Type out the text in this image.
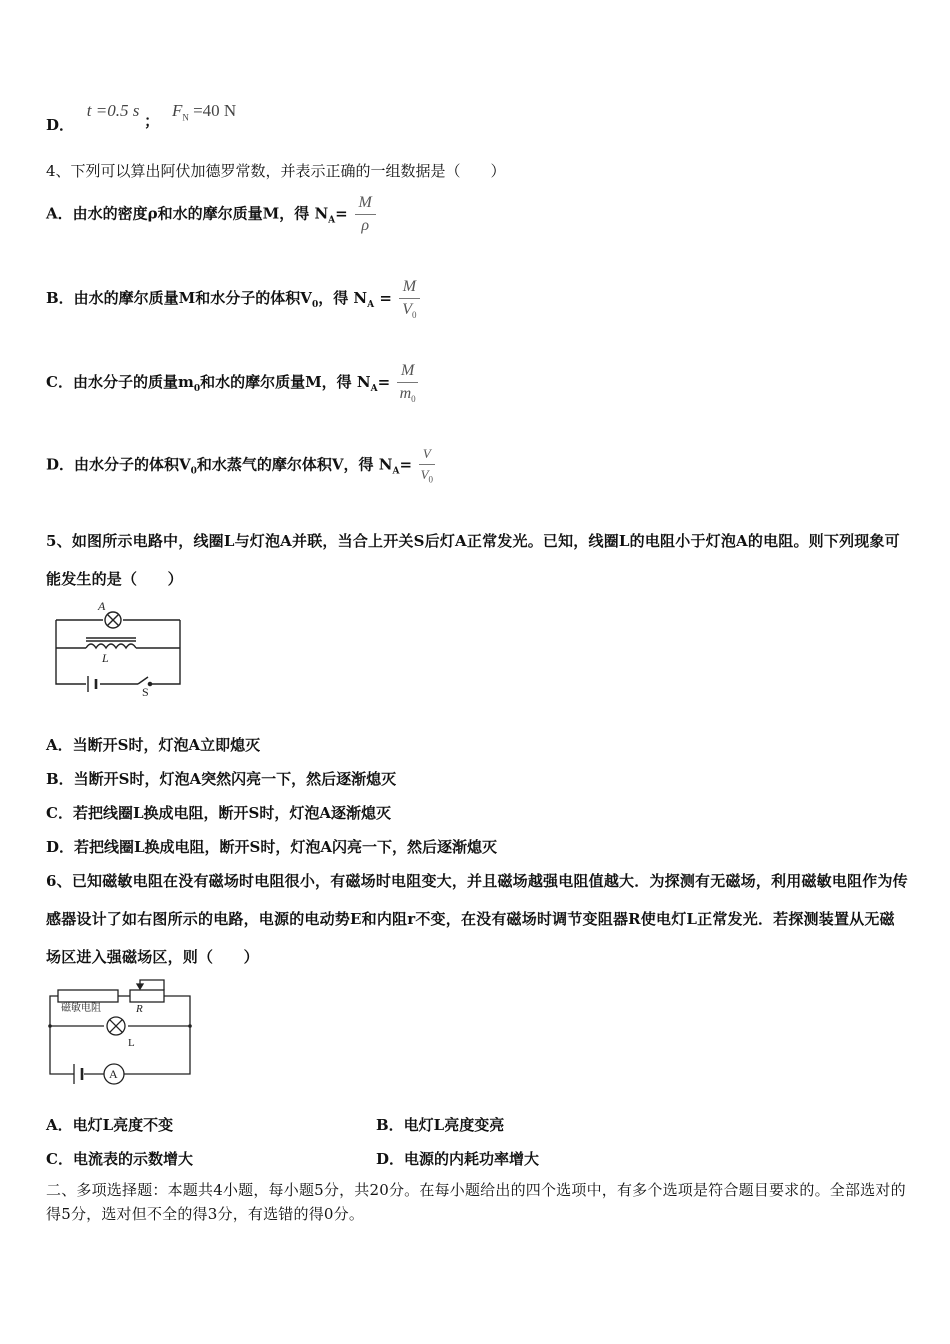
D． t =0.5 s ； $F_N =40$ N
4、下列可以算出阿伏加德罗常数，并表示正确的一组数据是（　　）
A．由水的密度ρ和水的摩尔质量M，得 $N_A= \frac{M}{\rho}$
B．由水的摩尔质量M和水分子的体积$V_0$，得 $N_A = \frac{M}{V_0}$
C．由水分子的质量$m_0$和水的摩尔质量M，得 $N_A= \frac{M}{m_0}$
D．由水分子的体积$V_0$和水蒸气的摩尔体积V，得 $N_A= \frac{V}{V_0}$
5、如图所示电路中，线圈L与灯泡A并联，当合上开关S后灯A正常发光。已知，线圈L的电阻小于灯泡A的电阻。则下列现象可能发生的是（　　）
A
L
S
A．当断开S时，灯泡A立即熄灭
B．当断开S时，灯泡A突然闪亮一下，然后逐渐熄灭
C．若把线圈L换成电阻，断开S时，灯泡A逐渐熄灭
D．若把线圈L换成电阻，断开S时，灯泡A闪亮一下，然后逐渐熄灭
6、已知磁敏电阻在没有磁场时电阻很小，有磁场时电阻变大，并且磁场越强电阻值越大．为探测有无磁场，利用磁敏电阻作为传感器设计了如右图所示的电路，电源的电动势E和内阻r不变，在没有磁场时调节变阻器R使电灯L正常发光．若探测装置从无磁场区进入强磁场区，则（　　）
磁敏电阻	R
L
A
A．电灯L亮度不变	B．电灯L亮度变亮
C．电流表的示数增大	D．电源的内耗功率增大
二、多项选择题：本题共4小题，每小题5分，共20分。在每小题给出的四个选项中，有多个选项是符合题目要求的。全部选对的得5分，选对但不全的得3分，有选错的得0分。
